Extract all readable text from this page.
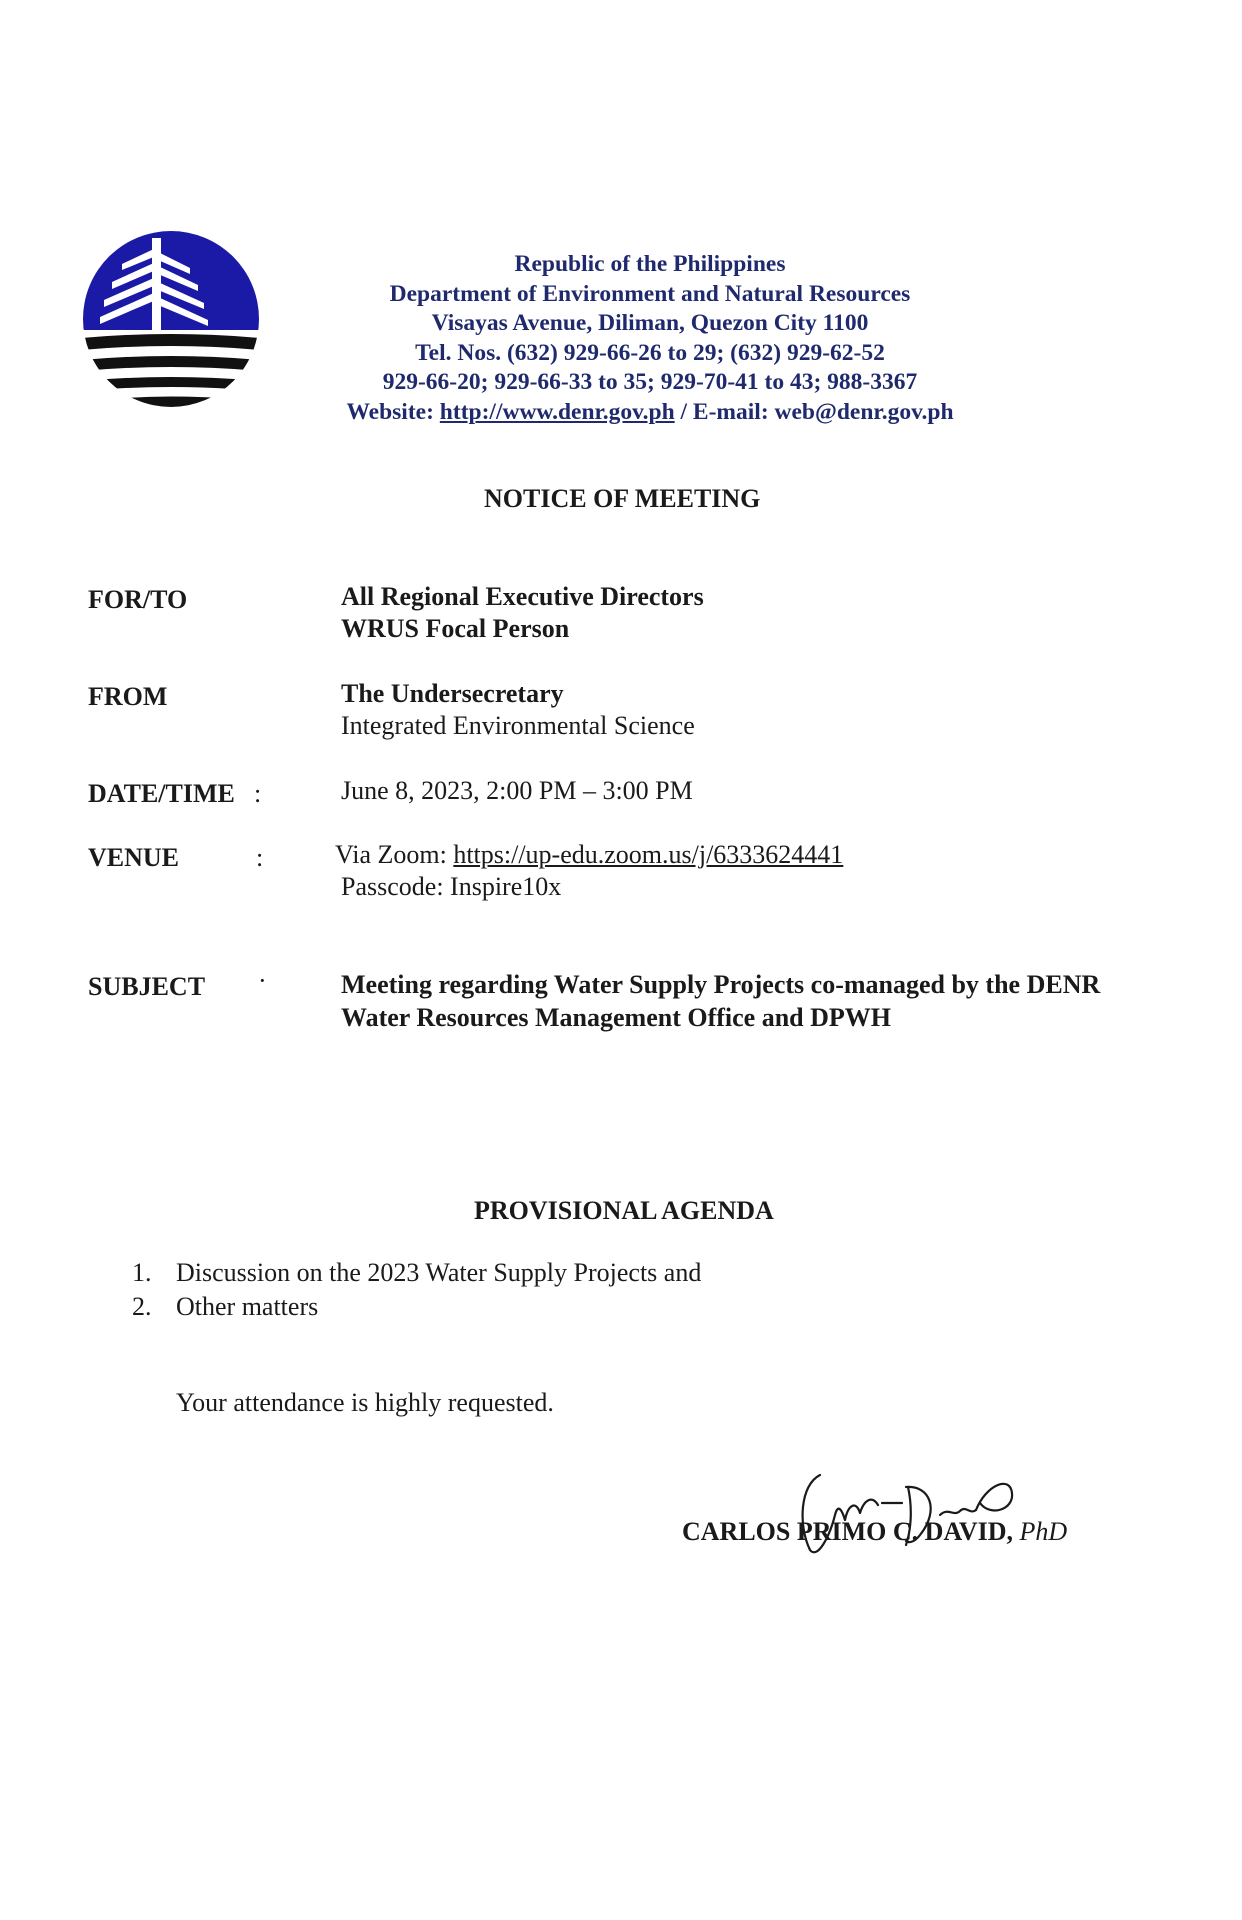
Republic of the Philippines
Department of Environment and Natural Resources
Visayas Avenue, Diliman, Quezon City 1100
Tel. Nos. (632) 929-66-26 to 29; (632) 929-62-52
929-66-20; 929-66-33 to 35; 929-70-41 to 43; 988-3367
Website: http://www.denr.gov.ph / E-mail: web@denr.gov.ph
NOTICE OF MEETING
FOR/TO	All Regional Executive Directors
WRUS Focal Person
FROM	The Undersecretary
Integrated Environmental Science
DATE/TIME :	June 8, 2023, 2:00 PM – 3:00 PM
VENUE	:	Via Zoom: https://up-edu.zoom.us/j/6333624441
Passcode: Inspire10x
SUBJECT ·	Meeting regarding Water Supply Projects co-managed by the DENR
Water Resources Management Office and DPWH
PROVISIONAL AGENDA
1. Discussion on the 2023 Water Supply Projects and
2. Other matters
Your attendance is highly requested.
CARLOS PRIMO C. DAVID, PhD
